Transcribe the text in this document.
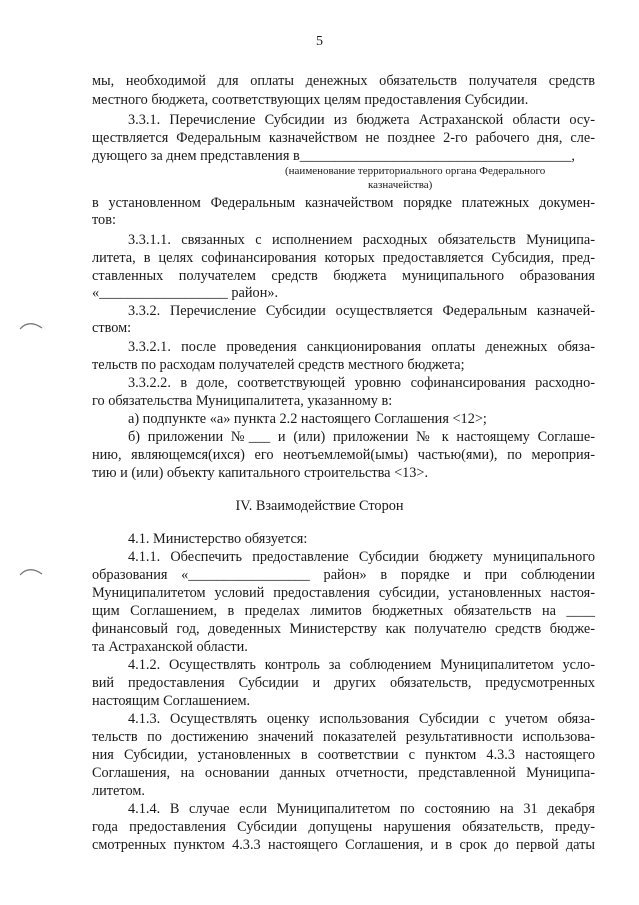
5
мы, необходимой для оплаты денежных обязательств получателя средств
местного бюджета, соответствующих целям предоставления Субсидии.
3.3.1. Перечисление Субсидии из бюджета Астраханской области осу-
ществляется Федеральным казначейством не позднее 2-го рабочего дня, сле-
дующего за днем представления в______________________________________,
(наименование территориального органа Федерального
казначейства)
в установленном Федеральным казначейством порядке платежных докумен-
тов:
3.3.1.1. связанных с исполнением расходных обязательств Муниципа-
литета, в целях софинансирования которых предоставляется Субсидия, пред-
ставленных получателем средств бюджета муниципального образования
«__________________ район».
3.3.2. Перечисление Субсидии осуществляется Федеральным казначей-
ством:
3.3.2.1. после проведения санкционирования оплаты денежных обяза-
тельств по расходам получателей средств местного бюджета;
3.3.2.2. в доле, соответствующей уровню софинансирования расходно-
го обязательства Муниципалитета, указанному в:
а) подпункте «а» пункта 2.2 настоящего Соглашения <12>;
б) приложении №___ и (или) приложении № к настоящему Соглаше-
нию, являющемся(ихся) его неотъемлемой(ымы) частью(ями), по мероприя-
тию и (или) объекту капитального строительства <13>.
IV. Взаимодействие Сторон
4.1. Министерство обязуется:
4.1.1. Обеспечить предоставление Субсидии бюджету муниципального
образования «_________________ район» в порядке и при соблюдении
Муниципалитетом условий предоставления субсидии, установленных настоя-
щим Соглашением, в пределах лимитов бюджетных обязательств на ____
финансовый год, доведенных Министерству как получателю средств бюдже-
та Астраханской области.
4.1.2. Осуществлять контроль за соблюдением Муниципалитетом усло-
вий предоставления Субсидии и других обязательств, предусмотренных
настоящим Соглашением.
4.1.3. Осуществлять оценку использования Субсидии с учетом обяза-
тельств по достижению значений показателей результативности использова-
ния Субсидии, установленных в соответствии с пунктом 4.3.3 настоящего
Соглашения, на основании данных отчетности, представленной Муниципа-
литетом.
4.1.4. В случае если Муниципалитетом по состоянию на 31 декабря
года предоставления Субсидии допущены нарушения обязательств, преду-
смотренных пунктом 4.3.3 настоящего Соглашения, и в срок до первой даты
